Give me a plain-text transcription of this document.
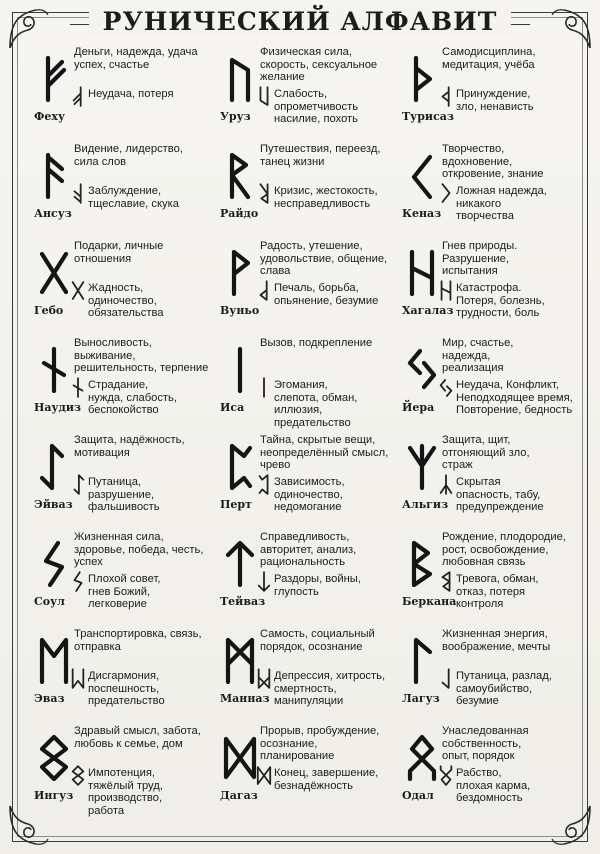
РУНИЧЕСКИЙ АЛФАВИТ
Деньги, надежда, удача
успех, счастье
Неудача, потеря
Феху
Физическая сила,
скорость, сексуальное
желание
Слабость,
опрометчивость
насилие, похоть
Уруз
Самодисциплина,
медитация, учёба
Принуждение,
зло, ненависть
Турисаз
Видение, лидерство,
сила слов
Заблуждение,
тщеславие, скука
Ансуз
Путешествия, переезд,
танец жизни
Кризис, жестокость,
несправедливость
Райдо
Творчество,
вдохновение,
откровение, знание
Ложная надежда,
никакого
творчества
Кеназ
Подарки, личные
отношения
Жадность,
одиночество,
обязательства
Гебо
Радость, утешение,
удовольствие, общение,
слава
Печаль, борьба,
опьянение, безумие
Вуньо
Гнев природы.
Разрушение,
испытания
Катастрофа.
Потеря, болезнь,
трудности, боль
Хагалаз
Выносливость,
выживание,
решительность, терпение
Страдание,
нужда, слабость,
беспокойство
Наудиз
Вызов, подкрепление
Эгомания,
слепота, обман,
иллюзия,
предательство
Иса
Мир, счастье,
надежда,
реализация
Неудача, Конфликт,
Неподходящее время,
Повторение, бедность
Йера
Защита, надёжность,
мотивация
Путаница,
разрушение,
фальшивость
Эйваз
Тайна, скрытые вещи,
неопределённый смысл,
чрево
Зависимость,
одиночество,
недомогание
Перт
Защита, щит,
отгоняющий зло,
страж
Скрытая
опасность, табу,
предупреждение
Альгиз
Жизненная сила,
здоровье, победа, честь,
успех
Плохой совет,
гнев Божий,
легковерие
Соул
Справедливость,
авторитет, анализ,
рациональность
Раздоры, войны,
глупость
Тейваз
Рождение, плодородие,
рост, освобождение,
любовная связь
Тревога, обман,
отказ, потеря
контроля
Беркана
Транспортировка, связь,
отправка
Дисгармония,
поспешность,
предательство
Эваз
Самость, социальный
порядок, осознание
Депрессия, хитрость,
смертность,
манипуляции
Манназ
Жизненная энергия,
воображение, мечты
Путаница, разлад,
самоубийство,
безумие
Лагуз
Здравый смысл, забота,
любовь к семье, дом
Импотенция,
тяжёлый труд,
производство,
работа
Ингуз
Прорыв, пробуждение,
осознание,
планирование
Конец, завершение,
безнадёжность
Дагаз
Унаследованная
собственность,
опыт, порядок
Рабство,
плохая карма,
бездомность
Одал
